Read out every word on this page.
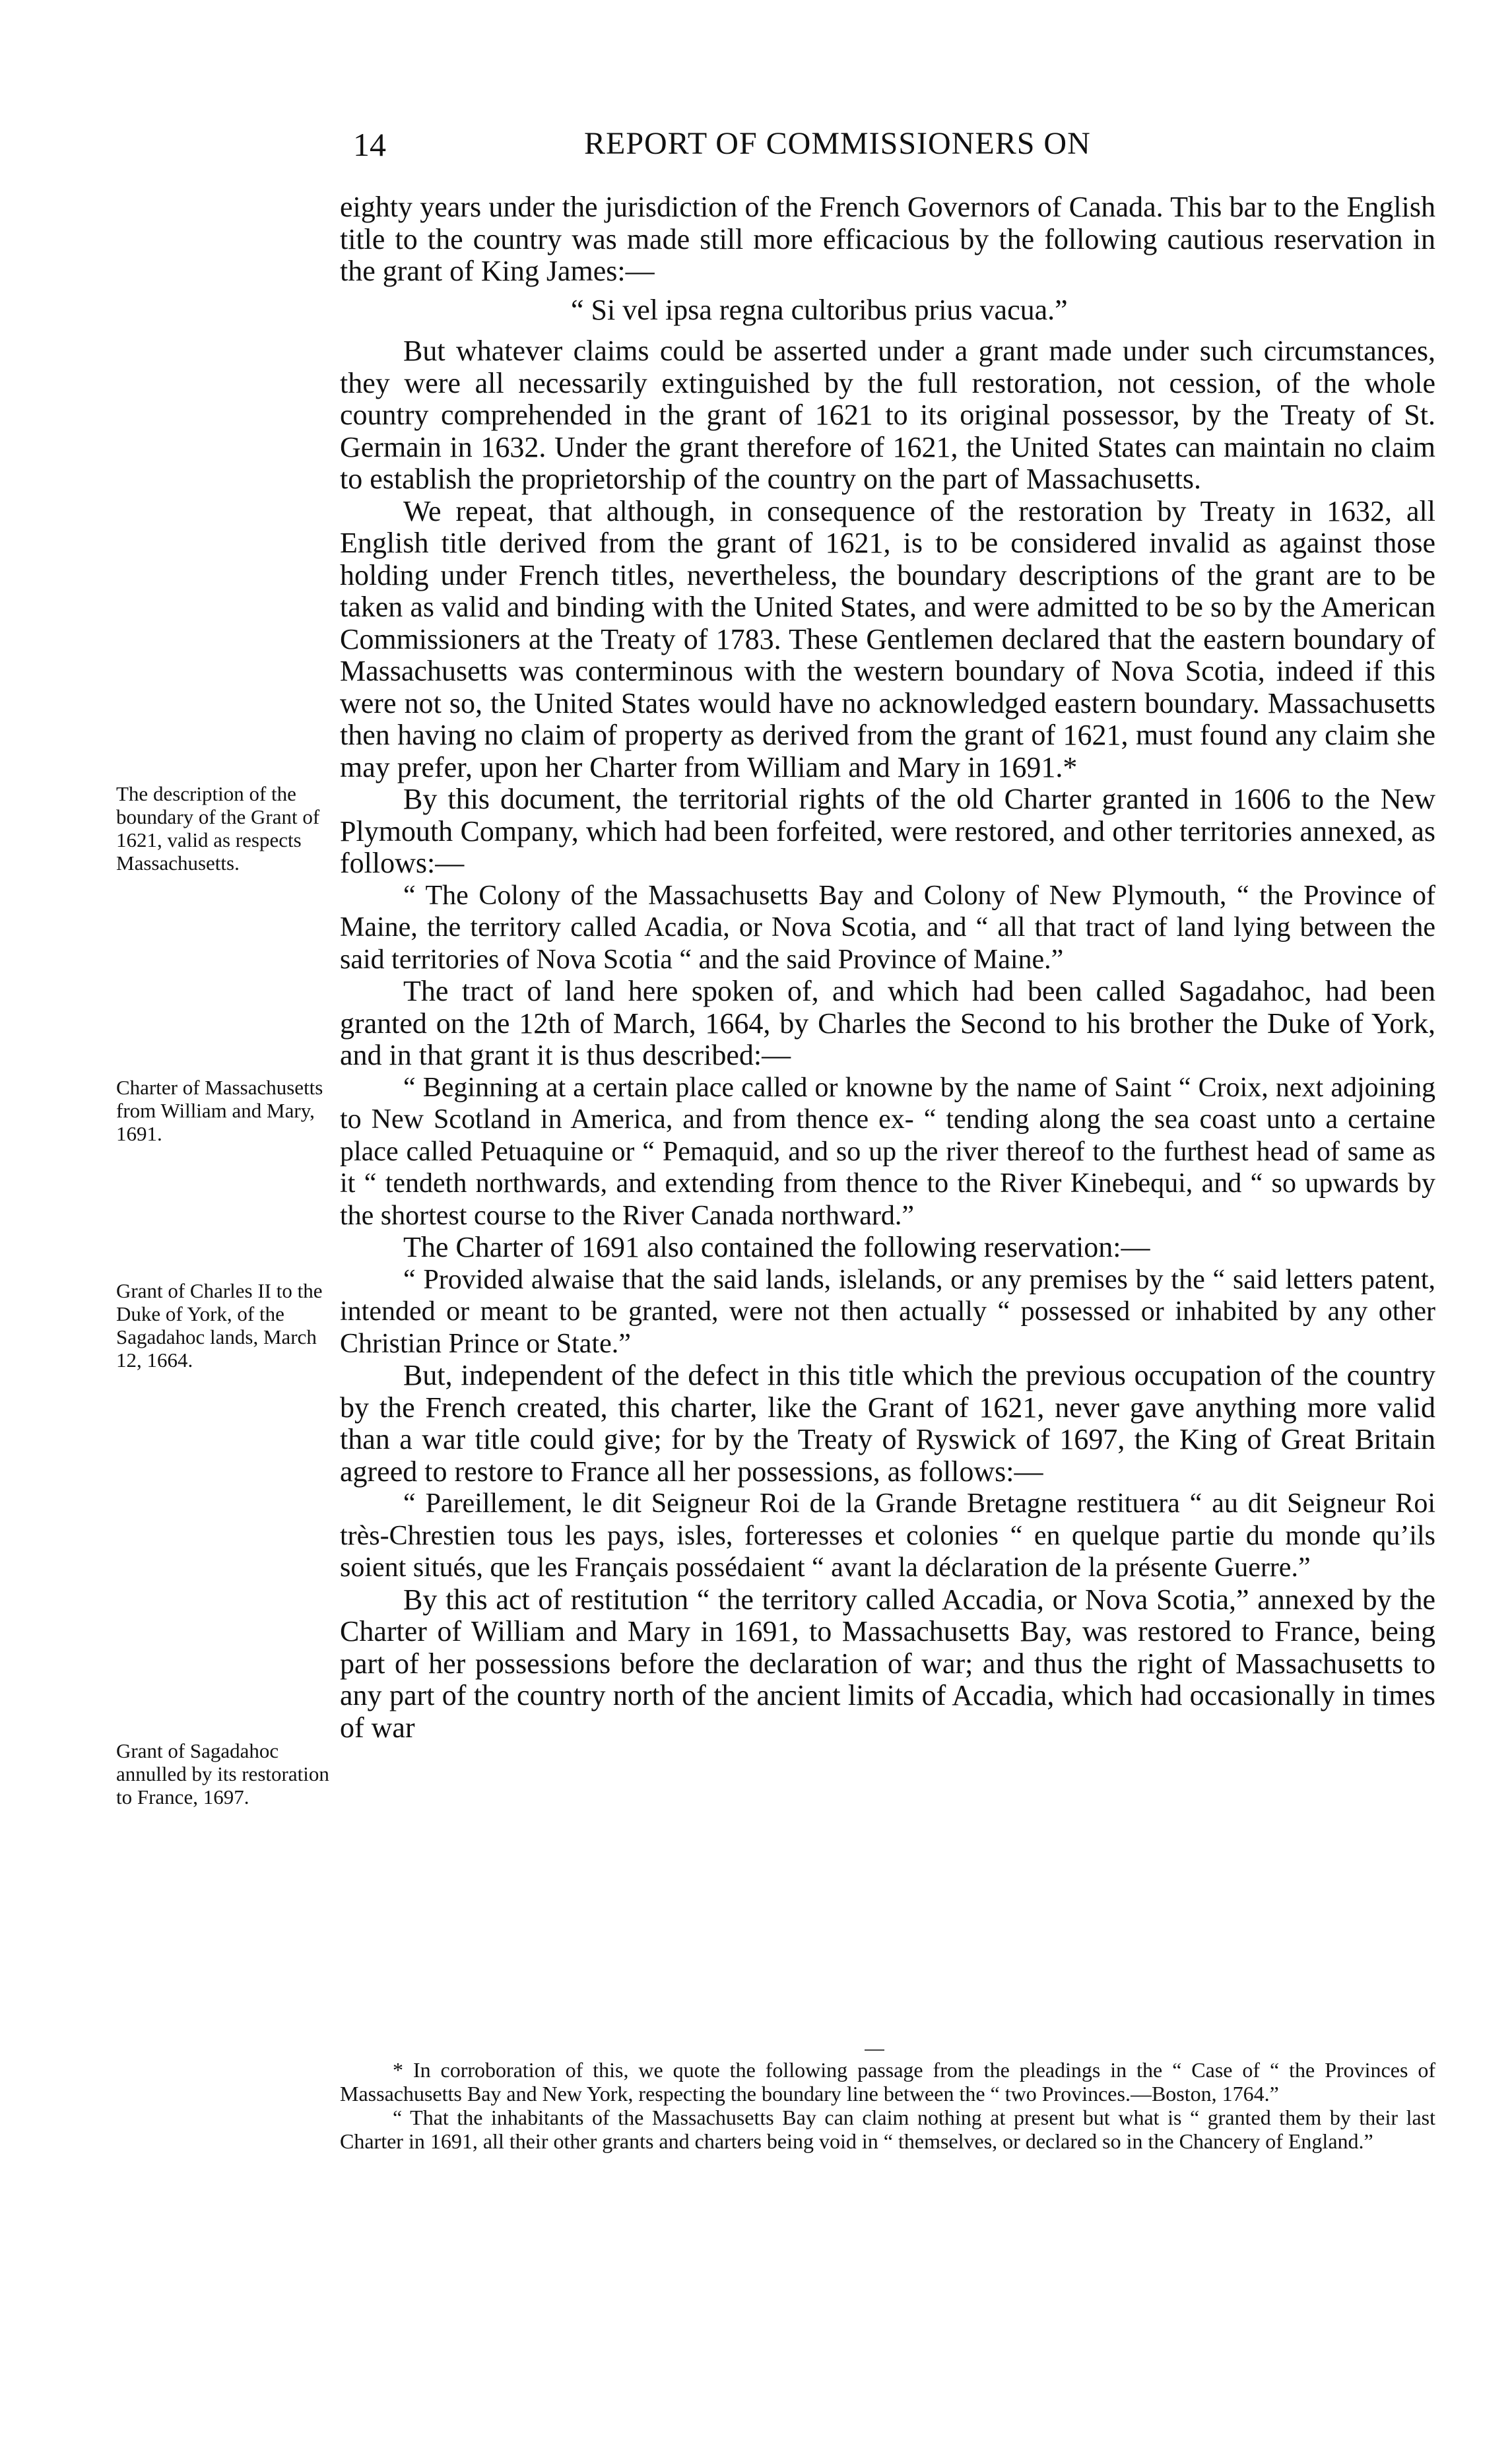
14	REPORT OF COMMISSIONERS ON

eighty years under the jurisdiction of the French Governors of Canada. This bar to the English title to the country was made still more efficacious by the following cautious reservation in the grant of King James:—

“ Si vel ipsa regna cultoribus prius vacua.”

But whatever claims could be asserted under a grant made under such circumstances, they were all necessarily extinguished by the full restoration, not cession, of the whole country comprehended in the grant of 1621 to its original possessor, by the Treaty of St. Germain in 1632. Under the grant therefore of 1621, the United States can maintain no claim to establish the proprietorship of the country on the part of Massachusetts.

We repeat, that although, in consequence of the restoration by Treaty in 1632, all English title derived from the grant of 1621, is to be considered invalid as against those holding under French titles, nevertheless, the boundary descriptions of the grant are to be taken as valid and binding with the United States, and were admitted to be so by the American Commissioners at the Treaty of 1783. These Gentlemen declared that the eastern boundary of Massachusetts was conterminous with the western boundary of Nova Scotia, indeed if this were not so, the United States would have no acknowledged eastern boundary. Massachusetts then having no claim of property as derived from the grant of 1621, must found any claim she may prefer, upon her Charter from William and Mary in 1691.*

By this document, the territorial rights of the old Charter granted in 1606 to the New Plymouth Company, which had been forfeited, were restored, and other territories annexed, as follows:—

“ The Colony of the Massachusetts Bay and Colony of New Plymouth, “ the Province of Maine, the territory called Acadia, or Nova Scotia, and “ all that tract of land lying between the said territories of Nova Scotia “ and the said Province of Maine.”

The tract of land here spoken of, and which had been called Sagadahoc, had been granted on the 12th of March, 1664, by Charles the Second to his brother the Duke of York, and in that grant it is thus described:—

“ Beginning at a certain place called or knowne by the name of Saint “ Croix, next adjoining to New Scotland in America, and from thence ex- “ tending along the sea coast unto a certaine place called Petuaquine or “ Pemaquid, and so up the river thereof to the furthest head of same as it “ tendeth northwards, and extending from thence to the River Kinebequi, and “ so upwards by the shortest course to the River Canada northward.”

The Charter of 1691 also contained the following reservation:—

“ Provided alwaise that the said lands, islelands, or any premises by the “ said letters patent, intended or meant to be granted, were not then actually “ possessed or inhabited by any other Christian Prince or State.”

But, independent of the defect in this title which the previous occupation of the country by the French created, this charter, like the Grant of 1621, never gave anything more valid than a war title could give; for by the Treaty of Ryswick of 1697, the King of Great Britain agreed to restore to France all her possessions, as follows:—

“ Pareillement, le dit Seigneur Roi de la Grande Bretagne restituera “ au dit Seigneur Roi très-Chrestien tous les pays, isles, forteresses et colonies “ en quelque partie du monde qu’ils soient situés, que les Français possédaient “ avant la déclaration de la présente Guerre.”

By this act of restitution “ the territory called Accadia, or Nova Scotia,” annexed by the Charter of William and Mary in 1691, to Massachusetts Bay, was restored to France, being part of her possessions before the declaration of war; and thus the right of Massachusetts to any part of the country north of the ancient limits of Accadia, which had occasionally in times of war

The description of the boundary of the Grant of 1621, valid as respects Massachusetts.
Charter of Massachusetts from William and Mary, 1691.
Grant of Charles II to the Duke of York, of the Sagadahoc lands, March 12, 1664.
Grant of Sagadahoc annulled by its restoration to France, 1697.

* In corroboration of this, we quote the following passage from the pleadings in the “ Case of “ the Provinces of Massachusetts Bay and New York, respecting the boundary line between the “ two Provinces.—Boston, 1764.”

“ That the inhabitants of the Massachusetts Bay can claim nothing at present but what is “ granted them by their last Charter in 1691, all their other grants and charters being void in “ themselves, or declared so in the Chancery of England.”
